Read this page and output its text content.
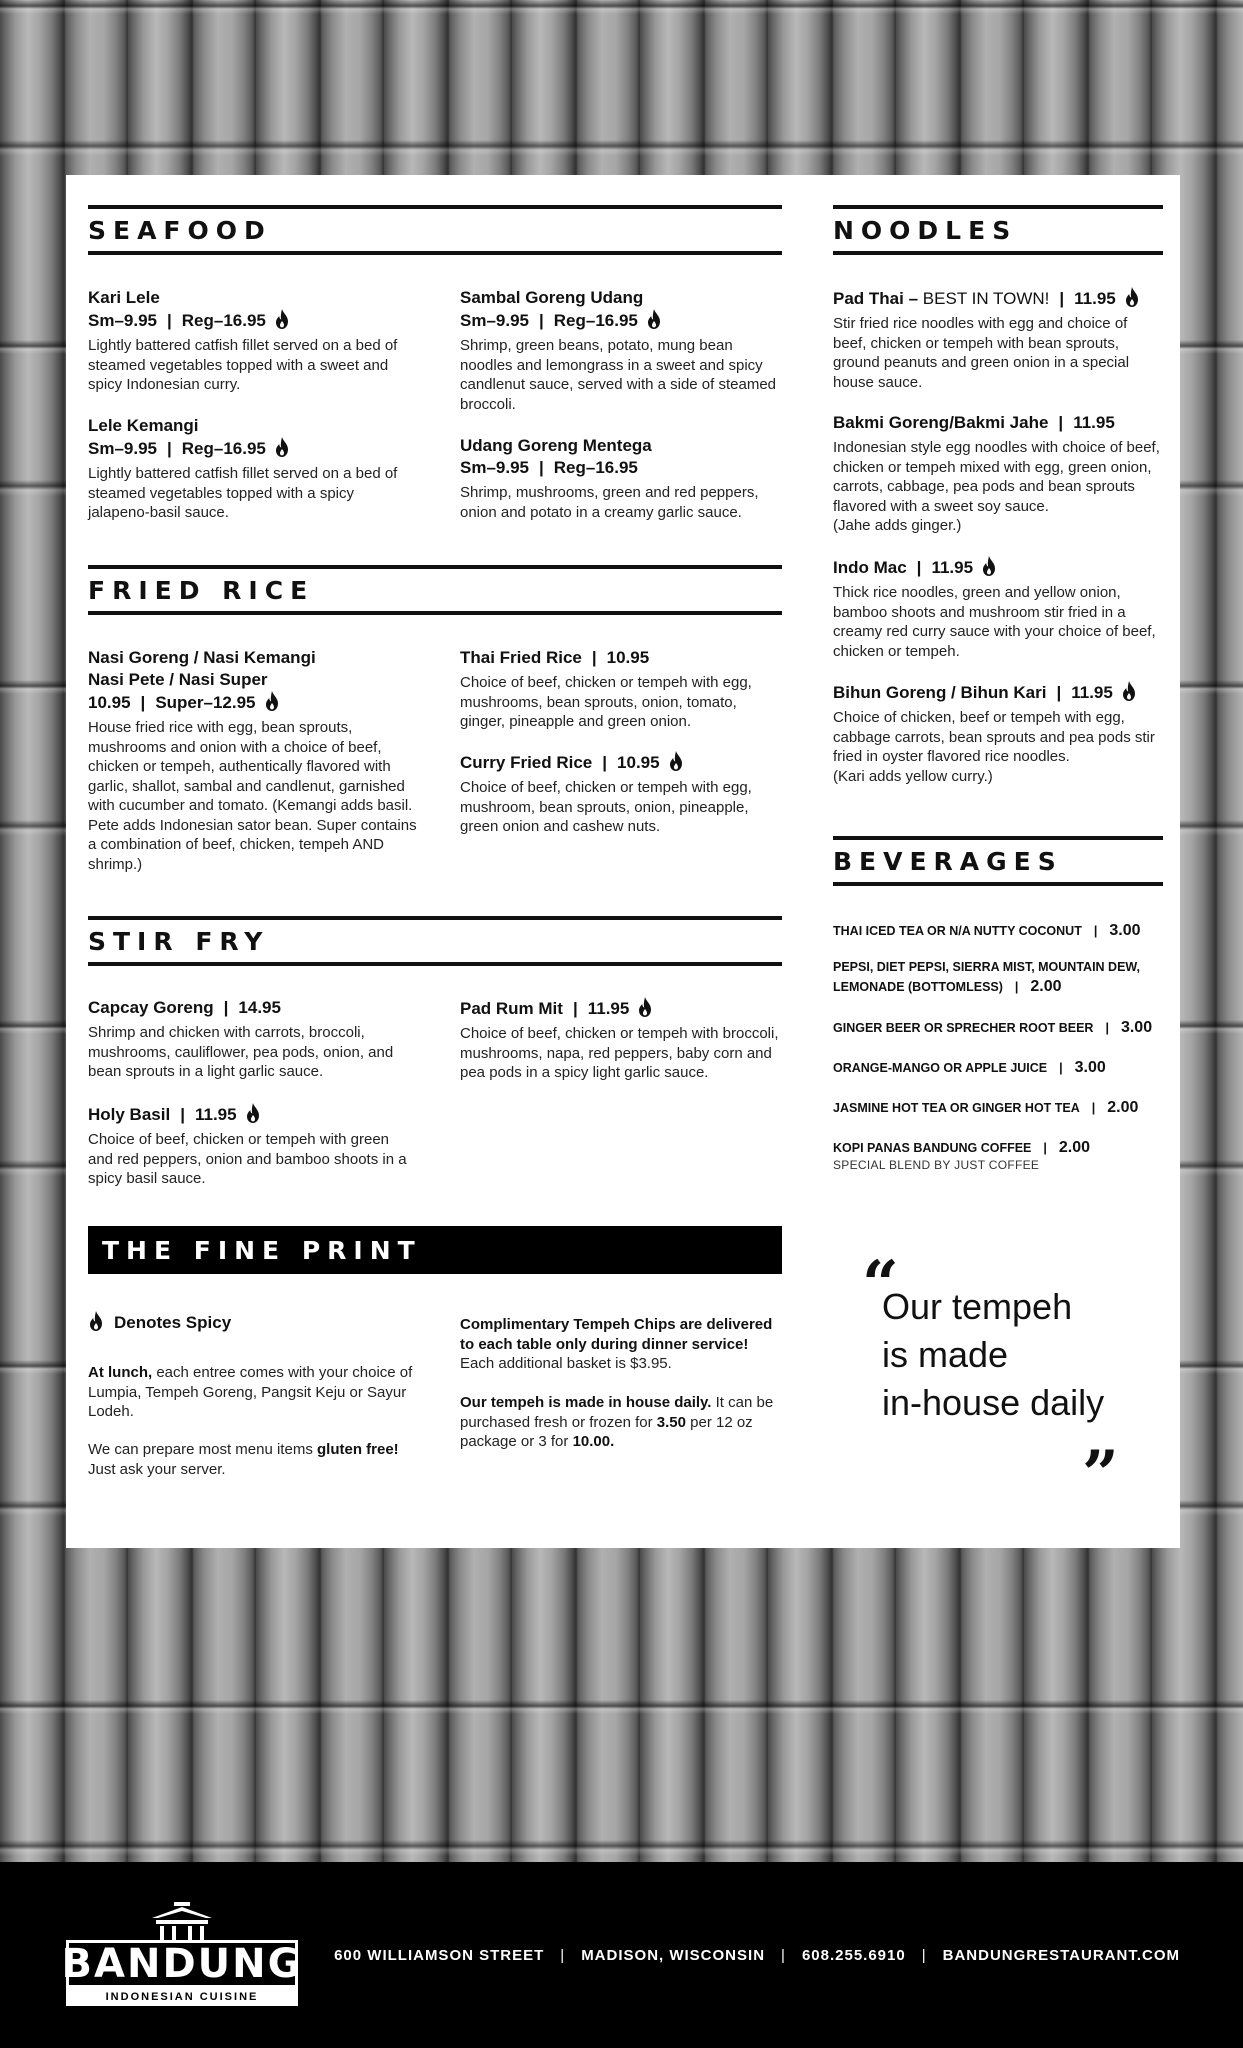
SEAFOOD
Kari Lele
Sm–9.95 | Reg–16.95
Lightly battered catfish fillet served on a bed of steamed vegetables topped with a sweet and spicy Indonesian curry.
Lele Kemangi
Sm–9.95 | Reg–16.95
Lightly battered catfish fillet served on a bed of steamed vegetables topped with a spicy jalapeno-basil sauce.
Sambal Goreng Udang
Sm–9.95 | Reg–16.95
Shrimp, green beans, potato, mung bean noodles and lemongrass in a sweet and spicy candlenut sauce, served with a side of steamed broccoli.
Udang Goreng Mentega
Sm–9.95 | Reg–16.95
Shrimp, mushrooms, green and red peppers, onion and potato in a creamy garlic sauce.
FRIED RICE
Nasi Goreng / Nasi Kemangi
Nasi Pete / Nasi Super
10.95 | Super–12.95
House fried rice with egg, bean sprouts, mushrooms and onion with a choice of beef, chicken or tempeh, authentically flavored with garlic, shallot, sambal and candlenut, garnished with cucumber and tomato. (Kemangi adds basil. Pete adds Indonesian sator bean. Super contains a combination of beef, chicken, tempeh AND shrimp.)
Thai Fried Rice | 10.95
Choice of beef, chicken or tempeh with egg, mushrooms, bean sprouts, onion, tomato, ginger, pineapple and green onion.
Curry Fried Rice | 10.95
Choice of beef, chicken or tempeh with egg, mushroom, bean sprouts, onion, pineapple, green onion and cashew nuts.
STIR FRY
Capcay Goreng | 14.95
Shrimp and chicken with carrots, broccoli, mushrooms, cauliflower, pea pods, onion, and bean sprouts in a light garlic sauce.
Holy Basil | 11.95
Choice of beef, chicken or tempeh with green and red peppers, onion and bamboo shoots in a spicy basil sauce.
Pad Rum Mit | 11.95
Choice of beef, chicken or tempeh with broccoli, mushrooms, napa, red peppers, baby corn and pea pods in a spicy light garlic sauce.
THE FINE PRINT
Denotes Spicy
At lunch, each entree comes with your choice of Lumpia, Tempeh Goreng, Pangsit Keju or Sayur Lodeh.
We can prepare most menu items gluten free! Just ask your server.
Complimentary Tempeh Chips are delivered to each table only during dinner service!
Each additional basket is $3.95.
Our tempeh is made in house daily. It can be purchased fresh or frozen for 3.50 per 12 oz package or 3 for 10.00.
NOODLES
Pad Thai – BEST IN TOWN! | 11.95
Stir fried rice noodles with egg and choice of beef, chicken or tempeh with bean sprouts, ground peanuts and green onion in a special house sauce.
Bakmi Goreng/Bakmi Jahe | 11.95
Indonesian style egg noodles with choice of beef, chicken or tempeh mixed with egg, green onion, carrots, cabbage, pea pods and bean sprouts flavored with a sweet soy sauce.
(Jahe adds ginger.)
Indo Mac | 11.95
Thick rice noodles, green and yellow onion, bamboo shoots and mushroom stir fried in a creamy red curry sauce with your choice of beef, chicken or tempeh.
Bihun Goreng / Bihun Kari | 11.95
Choice of chicken, beef or tempeh with egg, cabbage carrots, bean sprouts and pea pods stir fried in oyster flavored rice noodles.
(Kari adds yellow curry.)
BEVERAGES
THAI ICED TEA OR N/A NUTTY COCONUT | 3.00
PEPSI, DIET PEPSI, SIERRA MIST, MOUNTAIN DEW,
LEMONADE (BOTTOMLESS) | 2.00
GINGER BEER OR SPRECHER ROOT BEER | 3.00
ORANGE-MANGO OR APPLE JUICE | 3.00
JASMINE HOT TEA OR GINGER HOT TEA | 2.00
KOPI PANAS BANDUNG COFFEE | 2.00
SPECIAL BLEND BY JUST COFFEE
“
Our tempeh
is made
in-house daily
”
BANDUNG
INDONESIAN CUISINE
600 WILLIAMSON STREET | MADISON, WISCONSIN | 608.255.6910 | BANDUNGRESTAURANT.COM
